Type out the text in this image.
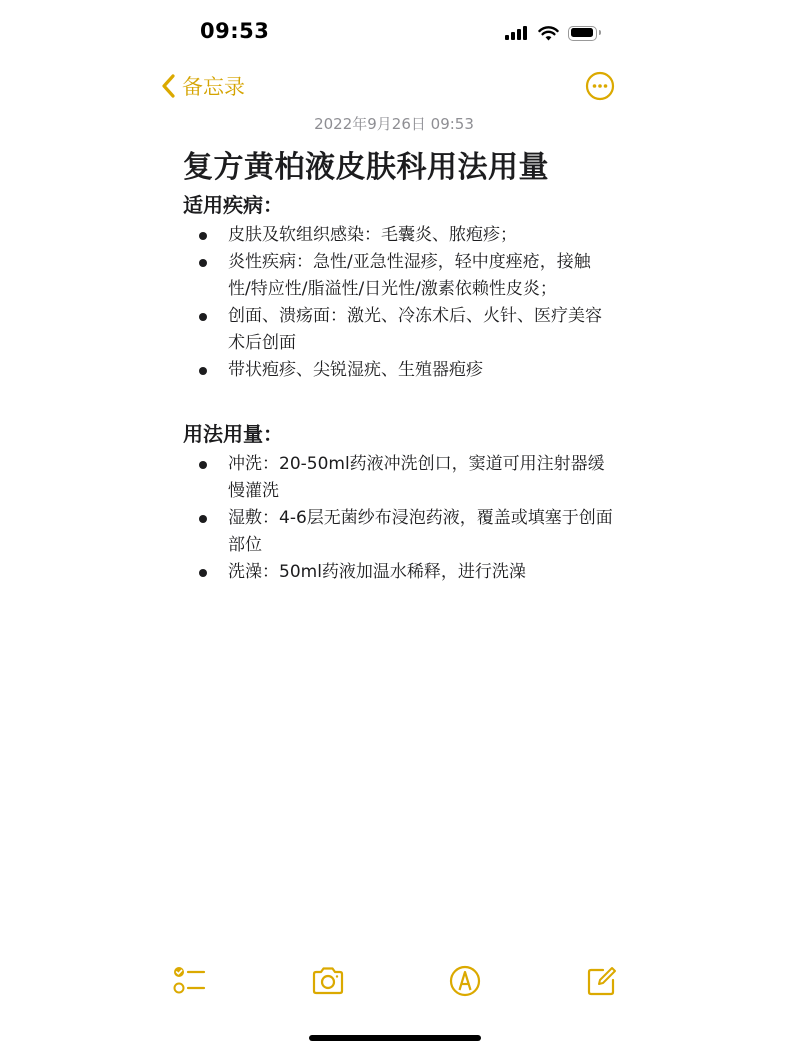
09:53
备忘录
2022年9月26日 09:53
复方黄柏液皮肤科用法用量
适用疾病：
皮肤及软组织感染：毛囊炎、脓疱疹；
炎性疾病：急性/亚急性湿疹，轻中度痤疮，接触性/特应性/脂溢性/日光性/激素依赖性皮炎；
创面、溃疡面：激光、冷冻术后、火针、医疗美容术后创面
带状疱疹、尖锐湿疣、生殖器疱疹
用法用量：
冲洗：20-50ml药液冲洗创口，窦道可用注射器缓慢灌洗
湿敷：4-6层无菌纱布浸泡药液，覆盖或填塞于创面部位
洗澡：50ml药液加温水稀释，进行洗澡
